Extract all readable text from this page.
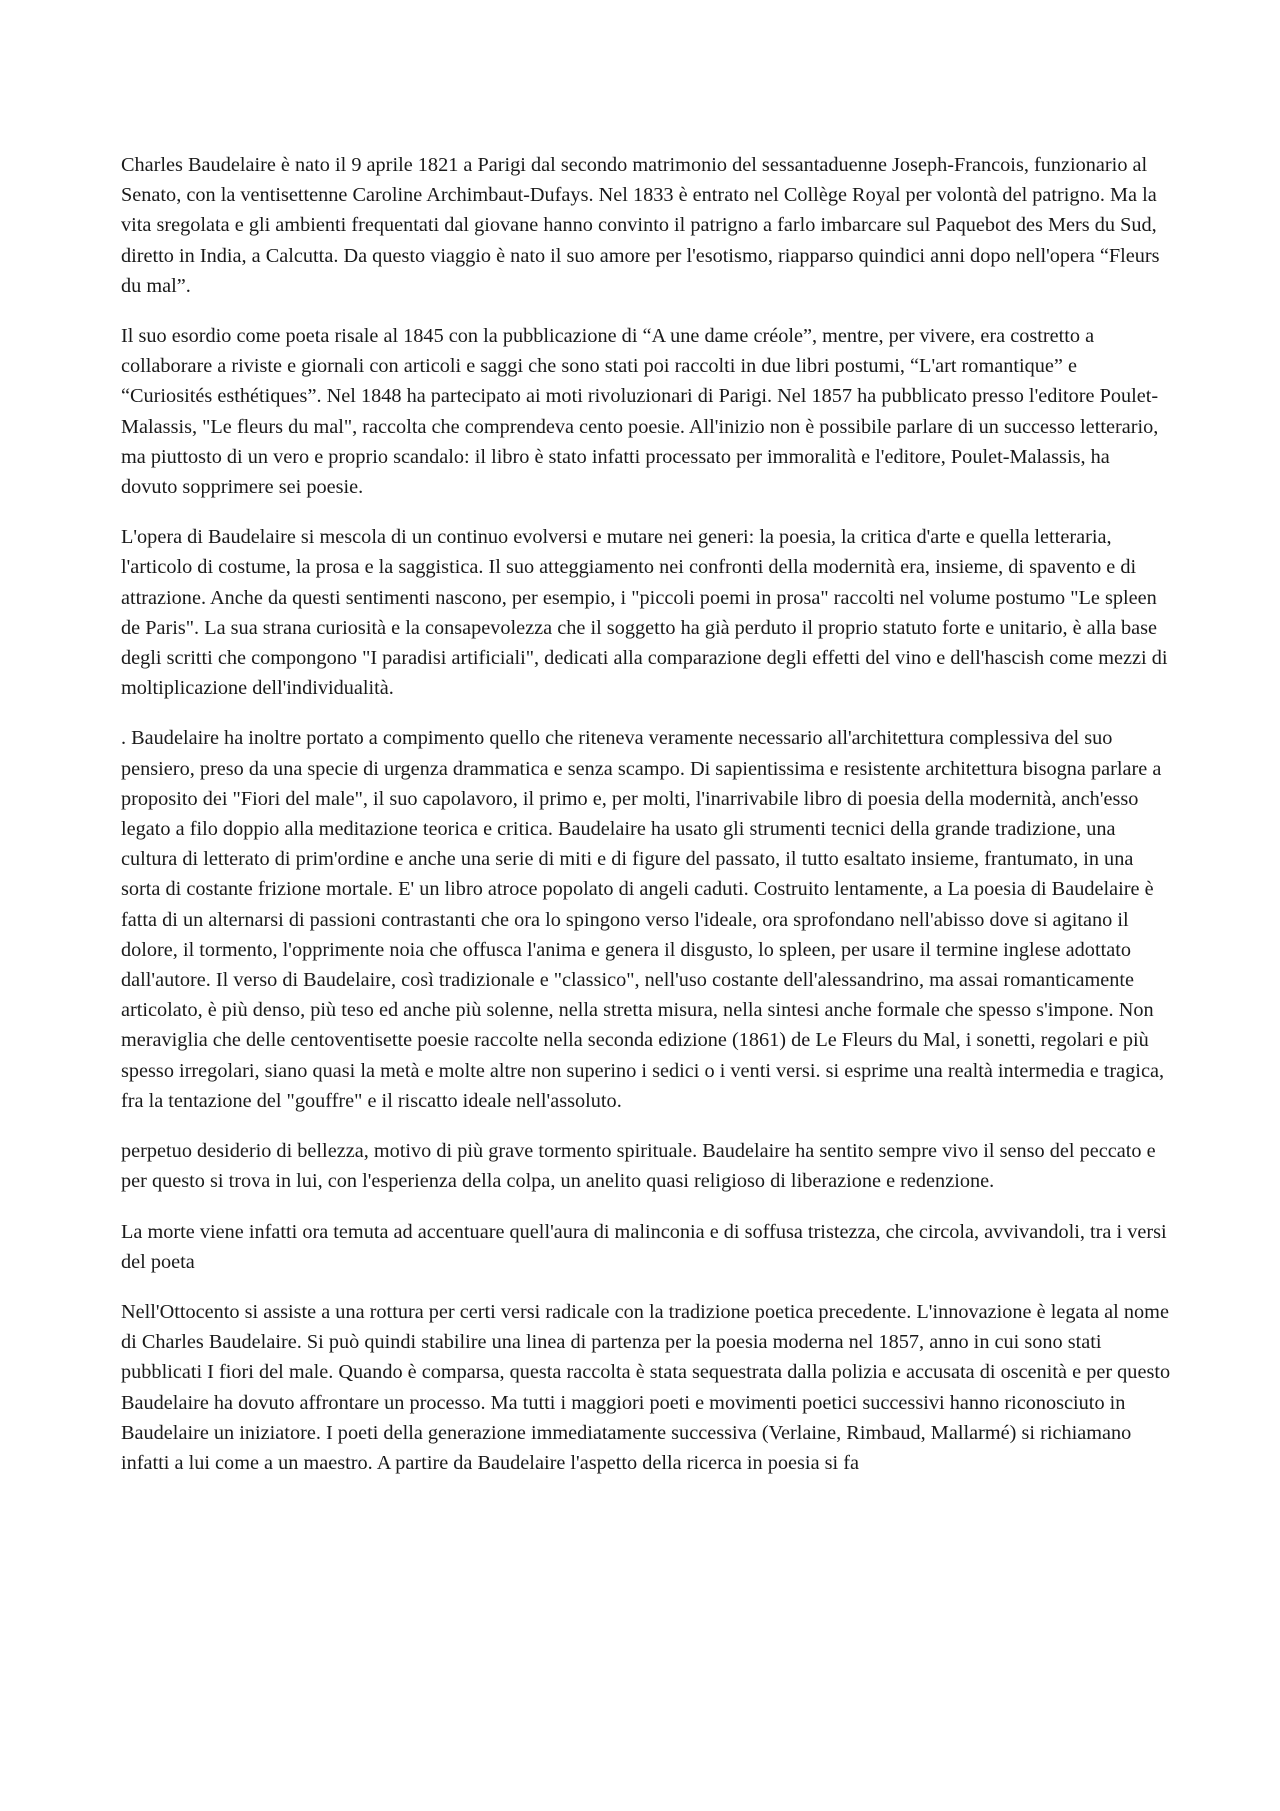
Charles Baudelaire è nato il 9 aprile 1821 a Parigi dal secondo matrimonio del sessantaduenne Joseph-Francois, funzionario al Senato, con la ventisettenne Caroline Archimbaut-Dufays. Nel 1833 è entrato nel Collège Royal per volontà del patrigno. Ma la vita sregolata e gli ambienti frequentati dal giovane hanno convinto il patrigno a farlo imbarcare sul Paquebot des Mers du Sud, diretto in India, a Calcutta. Da questo viaggio è nato il suo amore per l'esotismo, riapparso quindici anni dopo nell'opera “Fleurs du mal”.

Il suo esordio come poeta risale al 1845 con la pubblicazione di “A une dame créole”, mentre, per vivere, era costretto a collaborare a riviste e giornali con articoli e saggi che sono stati poi raccolti in due libri postumi, “L'art romantique” e “Curiosités esthétiques”. Nel 1848 ha partecipato ai moti rivoluzionari di Parigi. Nel 1857 ha pubblicato presso l'editore Poulet-Malassis, "Le fleurs du mal", raccolta che comprendeva cento poesie. All'inizio non è possibile parlare di un successo letterario, ma piuttosto di un vero e proprio scandalo: il libro è stato infatti processato per immoralità e l'editore, Poulet-Malassis, ha dovuto sopprimere sei poesie.

L'opera di Baudelaire si mescola di un continuo evolversi e mutare nei generi: la poesia, la critica d'arte e quella letteraria, l'articolo di costume, la prosa e la saggistica. Il suo atteggiamento nei confronti della modernità era, insieme, di spavento e di attrazione. Anche da questi sentimenti nascono, per esempio, i "piccoli poemi in prosa" raccolti nel volume postumo "Le spleen de Paris". La sua strana curiosità e la consapevolezza che il soggetto ha già perduto il proprio statuto forte e unitario, è alla base degli scritti che compongono "I paradisi artificiali", dedicati alla comparazione degli effetti del vino e dell'hascish come mezzi di moltiplicazione dell'individualità.

. Baudelaire ha inoltre portato a compimento quello che riteneva veramente necessario all'architettura complessiva del suo pensiero, preso da una specie di urgenza drammatica e senza scampo. Di sapientissima e resistente architettura bisogna parlare a proposito dei "Fiori del male", il suo capolavoro, il primo e, per molti, l'inarrivabile libro di poesia della modernità, anch'esso legato a filo doppio alla meditazione teorica e critica. Baudelaire ha usato gli strumenti tecnici della grande tradizione, una cultura di letterato di prim'ordine e anche una serie di miti e di figure del passato, il tutto esaltato insieme, frantumato, in una sorta di costante frizione mortale. E' un libro atroce popolato di angeli caduti. Costruito lentamente, a La poesia di Baudelaire è fatta di un alternarsi di passioni contrastanti che ora lo spingono verso l'ideale, ora sprofondano nell'abisso dove si agitano il dolore, il tormento, l'opprimente noia che offusca l'anima e genera il disgusto, lo spleen, per usare il termine inglese adottato dall'autore. Il verso di Baudelaire, così tradizionale e "classico", nell'uso costante dell'alessandrino, ma assai romanticamente articolato, è più denso, più teso ed anche più solenne, nella stretta misura, nella sintesi anche formale che spesso s'impone. Non meraviglia che delle centoventisette poesie raccolte nella seconda edizione (1861) de Le Fleurs du Mal, i sonetti, regolari e più spesso irregolari, siano quasi la metà e molte altre non superino i sedici o i venti versi. si esprime una realtà intermedia e tragica, fra la tentazione del "gouffre" e il riscatto ideale nell'assoluto.

perpetuo desiderio di bellezza, motivo di più grave tormento spirituale. Baudelaire ha sentito sempre vivo il senso del peccato e per questo si trova in lui, con l'esperienza della colpa, un anelito quasi religioso di liberazione e redenzione.

La morte viene infatti ora temuta ad accentuare quell'aura di malinconia e di soffusa tristezza, che circola, avvivandoli, tra i versi del poeta

Nell'Ottocento si assiste a una rottura per certi versi radicale con la tradizione poetica precedente. L'innovazione è legata al nome di Charles Baudelaire. Si può quindi stabilire una linea di partenza per la poesia moderna nel 1857, anno in cui sono stati pubblicati I fiori del male. Quando è comparsa, questa raccolta è stata sequestrata dalla polizia e accusata di oscenità e per questo Baudelaire ha dovuto affrontare un processo. Ma tutti i maggiori poeti e movimenti poetici successivi hanno riconosciuto in Baudelaire un iniziatore. I poeti della generazione immediatamente successiva (Verlaine, Rimbaud, Mallarmé) si richiamano infatti a lui come a un maestro. A partire da Baudelaire l'aspetto della ricerca in poesia si fa
